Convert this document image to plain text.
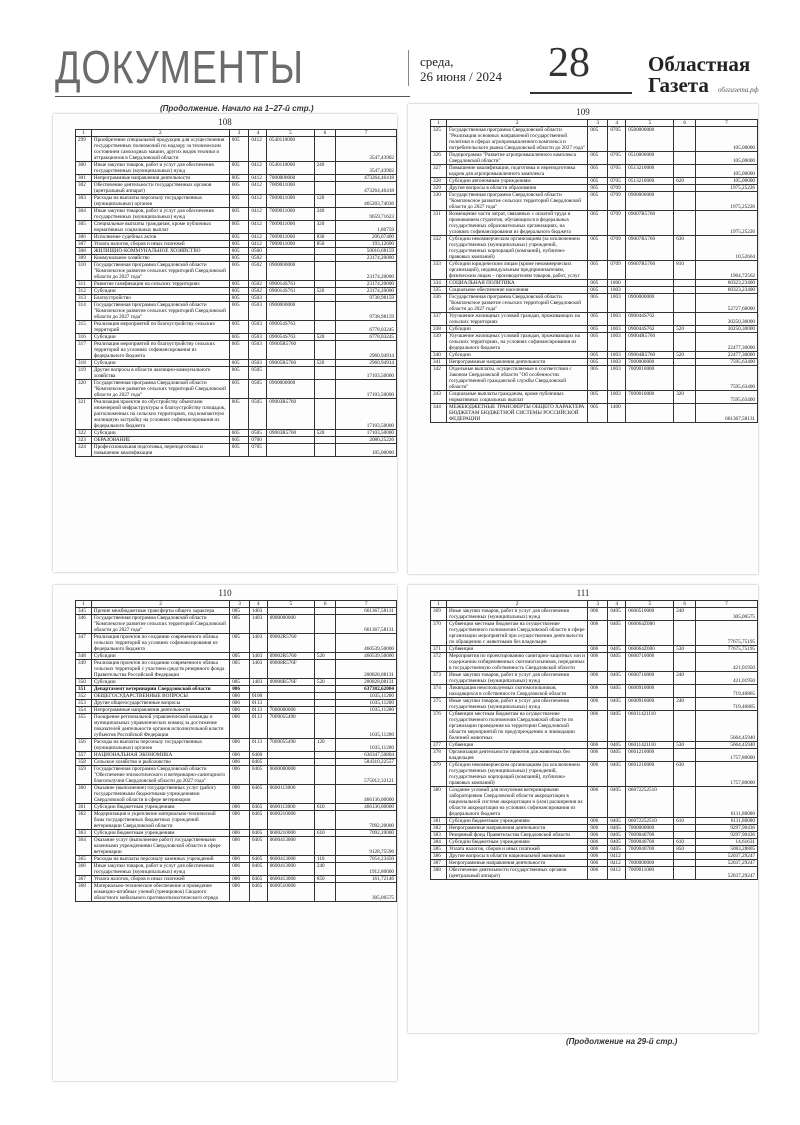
ДОКУМЕНТЫ	среда,
26 июня / 2024 28	Областная
Газета	облгазета.рф
(Продолжение. Начало на 1–27-й стр.)
108
1	2	3	4	5	6	7
299	Приобретение специальной продукции для осуществления государственных полномочий по надзору за техническим состоянием самоходных машин, других видов техники и аттракционов в Свердловской области	005	0412	0540110000		3547,43902
300	Иные закупки товаров, работ и услуг для обеспечения государственных (муниципальных) нужд	005	0412	0540110000	240	3547,43902
301	Непрограммные направления деятельности	005	0412	7000000000		473264,46418
302	Обеспечение деятельности государственных органов (центральный аппарат)	005	0412	7009011000		473264,46418
303	Расходы на выплаты персоналу государственных (муниципальных) органов	005	0412	7009011000	120	465203,74036
304	Иные закупки товаров, работ и услуг для обеспечения государственных (муниципальных) нужд	005	0412	7009011000	240	9659,71623
305	Специальные выплаты гражданам, кроме публичных нормативных социальных выплат	005	0412	7009011000	320	1,80759
306	Исполнение судебных актов	005	0412	7009011000	830	206,07400
307	Уплата налогов, сборов и иных платежей	005	0412	7009011000	850	193,12600
308	ЖИЛИЩНО-КОММУНАЛЬНОЕ ХОЗЯЙСТВО	005	0500			50016,68159
309	Коммунальное хозяйство	005	0502			23174,20000
310	Государственная программа Свердловской области "Комплексное развитие сельских территорий Свердловской области до 2027 года"	005	0502	0900000000		23174,20000
311	Развитие газификации на сельских территориях	005	0502	090014S761		23174,20000
312	Субсидии	005	0502	090014S761	520	23174,20000
313	Благоустройство	005	0503			9738,98159
314	Государственная программа Свердловской области "Комплексное развитие сельских территорий Свердловской области до 2027 года"	005	0503	0900000000		9738,98159
315	Реализация мероприятий по благоустройству сельских территорий	005	0503	090054S763		6778,03245
316	Субсидии	005	0503	090054S763	520	6778,03245
317	Реализация мероприятий по благоустройству сельских территорий на условиях софинансирования из федерального бюджета	005	0503	09005R5760		2960,94914
318	Субсидии	005	0503	09005R5760	520	2960,94914
319	Другие вопросы в области жилищно-коммунального хозяйства	005	0505			17103,50000
320	Государственная программа Свердловской области "Комплексное развитие сельских территорий Свердловской области до 2027 года"	005	0505	0900000000		17103,50000
321	Реализация проектов по обустройству объектами инженерной инфраструктуры и благоустройству площадок, расположенных на сельских территориях, под компактную жилищную застройку на условиях софинансирования из федерального бюджета	005	0505	09003R5760		17103,50000
322	Субсидии	005	0505	09003R5760	520	17103,50000
323	ОБРАЗОВАНИЕ	005	0700			2080,25226
324	Профессиональная подготовка, переподготовка и повышение квалификации	005	0705			105,00000
109
1	2	3	4	5	6	7
325	Государственная программа Свердловской области "Реализация основных направлений государственной политики в сферах агропромышленного комплекса и потребительского рынка Свердловской области до 2027 года"	005	0705	0500000000		105,00000
326	Подпрограмма "Развитие агропромышленного комплекса Свердловской области"	005	0705	0510000000		105,00000
327	Повышение квалификации, подготовка и переподготовка кадров для агропромышленного комплекса	005	0705	0513210000		105,00000
328	Субсидии автономным учреждениям	005	0705	0513210000	620	105,00000
329	Другие вопросы в области образования	005	0709			1975,25226
330	Государственная программа Свердловской области "Комплексное развитие сельских территорий Свердловской области до 2027 года"	005	0709	0900000000		1975,25226
331	Возмещение части затрат, связанных с оплатой труда и проживанием студентов, обучающихся в федеральных государственных образовательных организациях, на условиях софинансирования из федерального бюджета	005	0709	09007R5760		1975,25226
332	Субсидии некоммерческим организациям (за исключением государственных (муниципальных) учреждений, государственных корпораций (компаний), публично-правовых компаний)	005	0709	09007R5760	630	10,52664
333	Субсидии юридическим лицам (кроме некоммерческих организаций), индивидуальным предпринимателям, физическим лицам – производителям товаров, работ, услуг	005	0709	09007R5760	810	1964,72562
334	СОЦИАЛЬНАЯ ПОЛИТИКА	005	1000			60323,23400
335	Социальное обеспечение населения	005	1003			60323,23400
336	Государственная программа Свердловской области "Комплексное развитие сельских территорий Свердловской области до 2027 года"	005	1003	0900000000		52727,60000
337	Улучшение жилищных условий граждан, проживающих на сельских территориях	005	1003	090044S762		30250,30000
338	Субсидии	005	1003	090044S762	520	30250,30000
339	Улучшение жилищных условий граждан, проживающих на сельских территориях, на условиях софинансирования из федерального бюджета	005	1003	09004R5760		22477,30000
340	Субсидии	005	1003	09004R5760	520	22477,30000
341	Непрограммные направления деятельности	005	1003	7000000000		7595,63400
342	Отдельные выплаты, осуществляемые в соответствии с Законом Свердловской области "Об особенностях государственной гражданской службы Свердловской области"	005	1003	7009010000		7595,63400
343	Социальные выплаты гражданам, кроме публичных нормативных социальных выплат	005	1003	7009010000	320	7595,63400
344	МЕЖБЮДЖЕТНЫЕ ТРАНСФЕРТЫ ОБЩЕГО ХАРАКТЕРА БЮДЖЕТАМ БЮДЖЕТНОЙ СИСТЕМЫ РОССИЙСКОЙ ФЕДЕРАЦИИ	005	1400			661367,58131
110
1	2	3	4	5	6	7
345	Прочие межбюджетные трансферты общего характера	005	1403			661367,58131
346	Государственная программа Свердловской области "Комплексное развитие сельских территорий Свердловской области до 2027 года"	005	1403	0900000000		661367,58131
347	Реализация проектов по созданию современного облика сельских территорий на условиях софинансирования из федерального бюджета	005	1403	09002R5760		460539,50000
348	Субсидии	005	1403	09002R5760	520	460539,50000
349	Реализация проектов по созданию современного облика сельских территорий с участием средств резервного фонда Правительства Российской Федерации	005	1403	09008R576F		200828,08131
350	Субсидии	005	1403	09008R576F	520	200828,08131
351	Департамент ветеринарии Свердловской области	006				637382,62004
352	ОБЩЕГОСУДАРСТВЕННЫЕ ВОПРОСЫ	006	0100			1035,11200
353	Другие общегосударственные вопросы	006	0113			1035,11200
354	Непрограммные направления деятельности	006	0113	7000000000		1035,11200
355	Поощрение региональной управленческой команды и муниципальных управленческих команд за достижение показателей деятельности органов исполнительной власти субъектов Российской Федерации	006	0113	7009055490		1035,11200
356	Расходы на выплаты персоналу государственных (муниципальных) органов	006	0113	7009055490	120	1035,11200
357	НАЦИОНАЛЬНАЯ ЭКОНОМИКА	006	0400			636347,50804
358	Сельское хозяйство и рыболовство	006	0405			584310,22557
359	Государственная программа Свердловской области "Обеспечение эпизоотического и ветеринарно-санитарного благополучия Свердловской области до 2027 года"	006	0405	0600000000		575012,32121
360	Оказание (выполнение) государственных услуг (работ) государственными бюджетными учреждениями Свердловской области в сфере ветеринарии	006	0405	0600113000		466136,00000
361	Субсидии бюджетным учреждениям	006	0405	0600113000	610	466136,00000
362	Модернизация и укрепление материально-технической базы государственных бюджетных учреждений ветеринарии Свердловской области	006	0405	0600210000		7092,20000
363	Субсидии бюджетным учреждениям	006	0405	0600210000	610	7092,20000
364	Оказание услуг (выполнение работ) государственными казенными учреждениями Свердловской области в сфере ветеринарии	006	0405	0600413000		9128,75596
365	Расходы на выплаты персоналу казенных учреждений	006	0405	0600413000	110	7054,23450
366	Иные закупки товаров, работ и услуг для обеспечения государственных (муниципальных) нужд	006	0405	0600413000	240	1912,80000
367	Уплата налогов, сборов и иных платежей	006	0405	0600413000	850	161,72146
368	Материально-техническое обеспечение и проведение командно-штабных учений (тренировок) Сводного областного мобильного противоэпизоотического отряда	006	0405	0600510000		305,06575
111
1	2	3	4	5	6	7
369	Иные закупки товаров, работ и услуг для обеспечения государственных (муниципальных) нужд	006	0405	0600510000	240	305,06575
370	Субвенции местным бюджетам на осуществление государственного полномочия Свердловской области в сфере организации мероприятий при осуществлении деятельности по обращению с животными без владельцев	006	0405	060064Z000		77675,75195
371	Субвенции	006	0405	060064Z000	530	77675,75195
372	Мероприятия по проектированию санитарно-защитных зон и содержанию сибиреязвенных скотомогильников, переданных в государственную собственность Свердловской области	006	0405	0600710000		421,01950
373	Иные закупки товаров, работ и услуг для обеспечения государственных (муниципальных) нужд	006	0405	0600710000	240	421,01950
374	Ликвидация неиспользуемых скотомогильников, находящихся в собственности Свердловской области	006	0405	0600910000		719,46865
375	Иные закупки товаров, работ и услуг для обеспечения государственных (муниципальных) нужд	006	0405	0600910000	240	719,46865
376	Субвенции местным бюджетам на осуществление государственного полномочия Свердловской области по организации проведения на территории Свердловской области мероприятий по предупреждению и ликвидации болезней животных	006	0405	06011421I10		5664,45940
377	Субвенции	006	0405	06011421I10	530	5664,45940
378	Организация деятельности приютов для животных без владельцев	006	0405	0601210000		1757,80000
379	Субсидии некоммерческим организациям (за исключением государственных (муниципальных) учреждений, государственных корпораций (компаний), публично-правовых компаний)	006	0405	0601210000	630	1757,80000
380	Создание условий для получения ветеринарными лабораториями Свердловской области аккредитации в национальной системе аккредитации и (или) расширения их области аккредитации на условиях софинансирования из федерального бюджета	006	0405	06072252510		6111,80000
381	Субсидии бюджетным учреждениям	006	0405	06072252510	610	6111,80000
382	Непрограммные направления деятельности	006	0405	7000000000		9297,90436
383	Резервный фонд Правительства Свердловской области	006	0405	7009040700		9297,90436
384	Субсидии бюджетным учреждениям	006	0405	7009040700	610	14,61631
385	Уплата налогов, сборов и иных платежей	006	0405	7009040700	850	5083,28805
386	Другие вопросы в области национальной экономики	006	0412			52037,29247
387	Непрограммные направления деятельности	006	0412	7000000000		52037,29247
388	Обеспечение деятельности государственных органов (центральный аппарат)	006	0412	7009011000		52037,29247
(Продолжение на 29-й стр.)
